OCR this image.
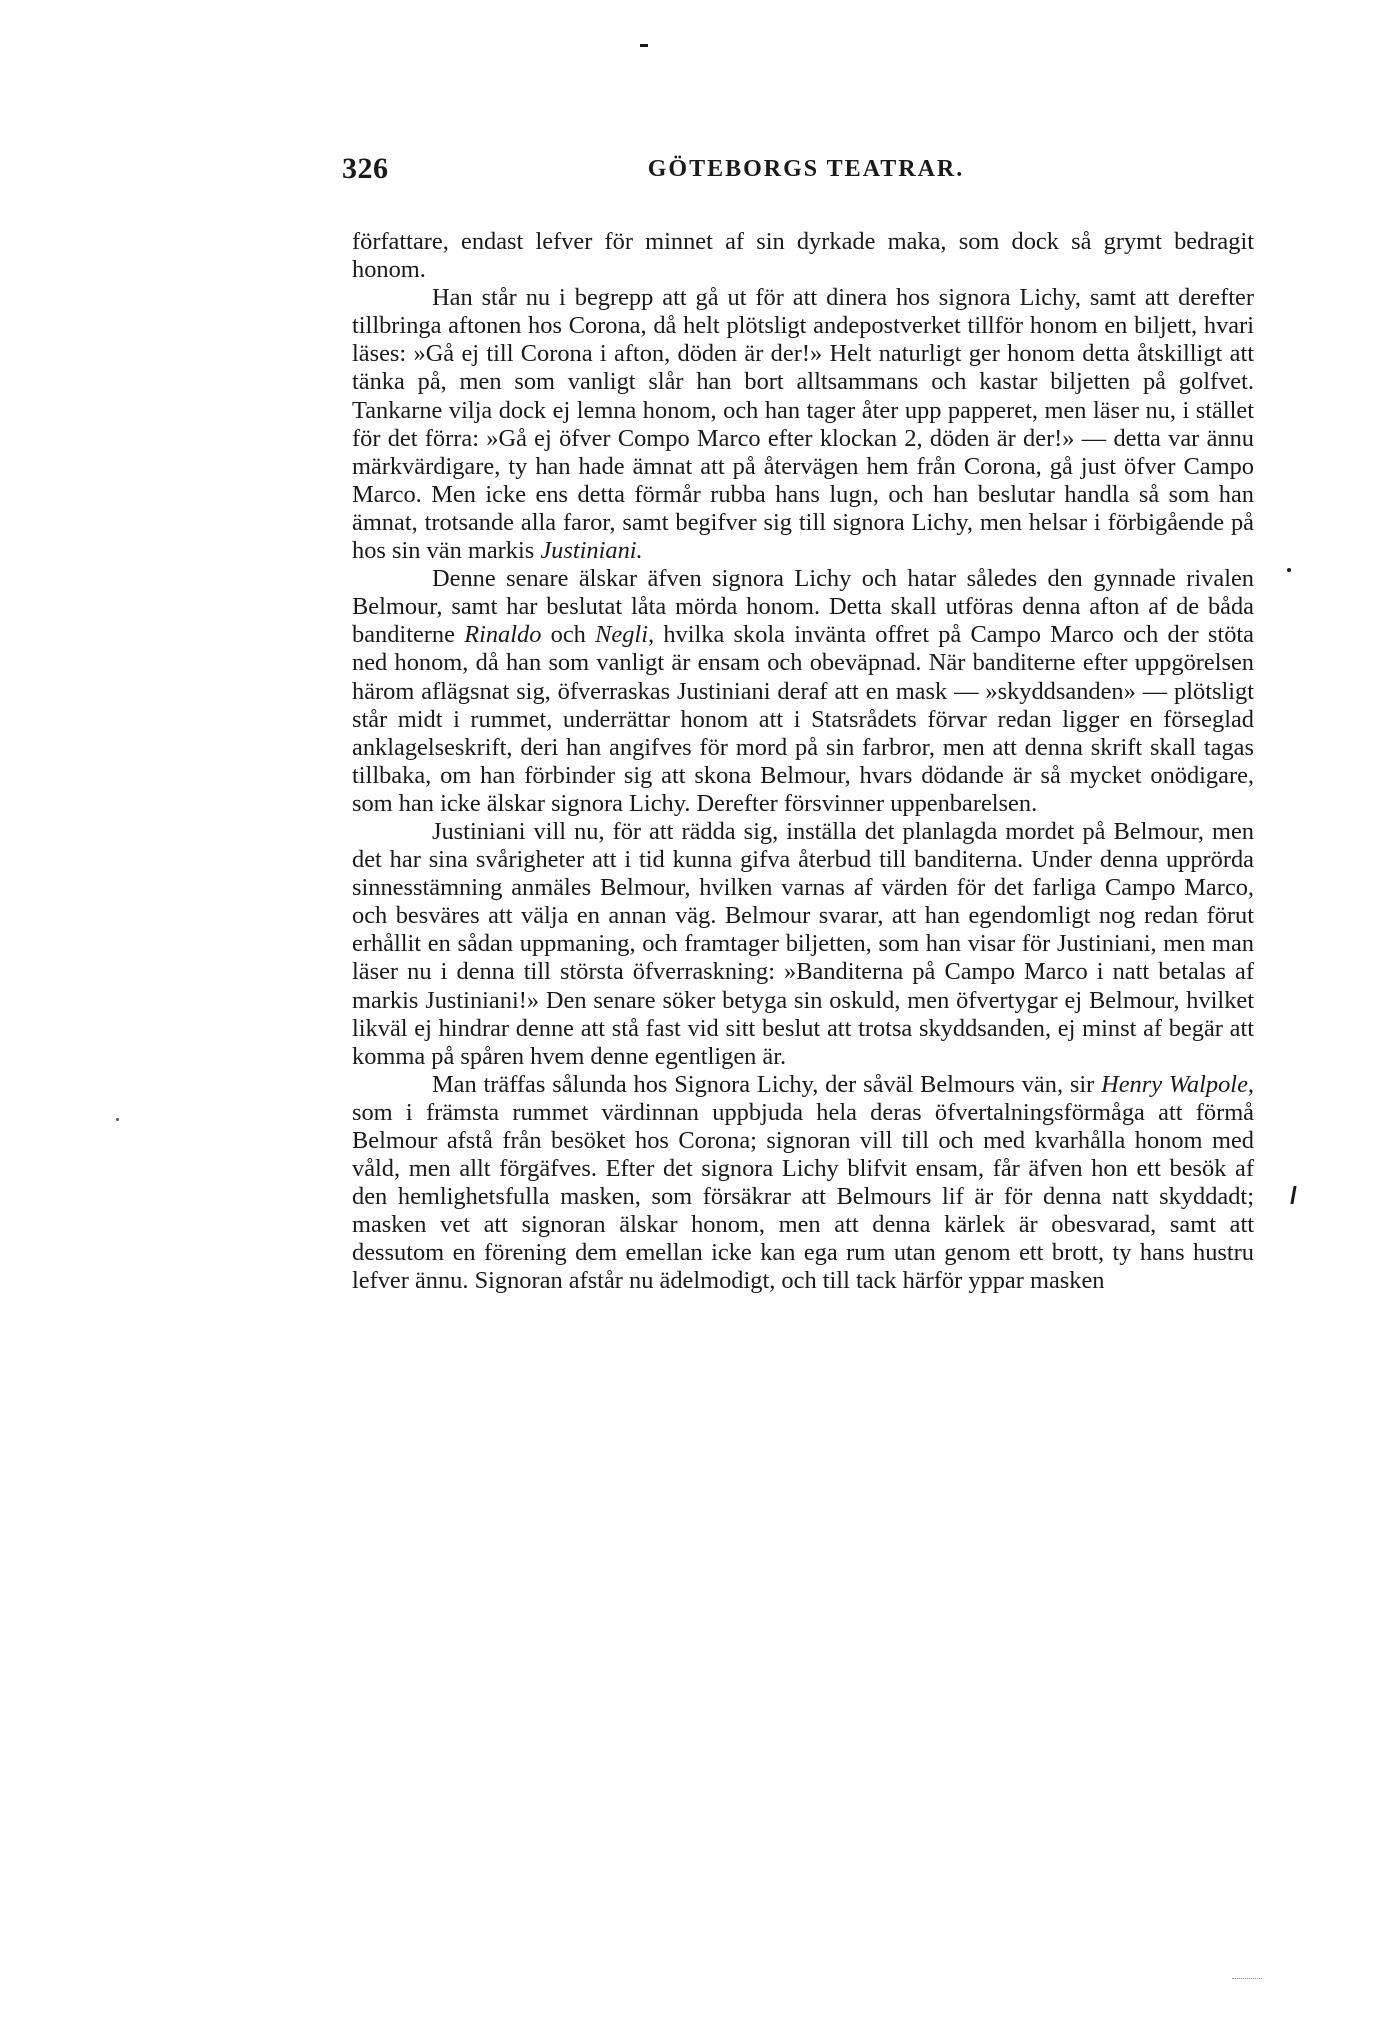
326	GÖTEBORGS TEATRAR.

författare, endast lefver för minnet af sin dyrkade maka, som dock så grymt bedragit honom.

Han står nu i begrepp att gå ut för att dinera hos signora Lichy, samt att derefter tillbringa aftonen hos Corona, då helt plötsligt andepostverket tillför honom en biljett, hvari läses: »Gå ej till Corona i afton, döden är der!» Helt naturligt ger honom detta åtskilligt att tänka på, men som vanligt slår han bort alltsammans och kastar biljetten på golfvet. Tankarne vilja dock ej lemna honom, och han tager åter upp papperet, men läser nu, i stället för det förra: »Gå ej öfver Compo Marco efter klockan 2, döden är der!» — detta var ännu märkvärdigare, ty han hade ämnat att på återvägen hem från Corona, gå just öfver Campo Marco. Men icke ens detta förmår rubba hans lugn, och han beslutar handla så som han ämnat, trotsande alla faror, samt begifver sig till signora Lichy, men helsar i förbigående på hos sin vän markis Justiniani.

Denne senare älskar äfven signora Lichy och hatar således den gynnade rivalen Belmour, samt har beslutat låta mörda honom. Detta skall utföras denna afton af de båda banditerne Rinaldo och Negli, hvilka skola invänta offret på Campo Marco och der stöta ned honom, då han som vanligt är ensam och obeväpnad. När banditerne efter uppgörelsen härom aflägsnat sig, öfverraskas Justiniani deraf att en mask — »skyddsanden» — plötsligt står midt i rummet, underrättar honom att i Statsrådets förvar redan ligger en förseglad anklagelseskrift, deri han angifves för mord på sin farbror, men att denna skrift skall tagas tillbaka, om han förbinder sig att skona Belmour, hvars dödande är så mycket onödigare, som han icke älskar signora Lichy. Derefter försvinner uppenbarelsen.

Justiniani vill nu, för att rädda sig, inställa det planlagda mordet på Belmour, men det har sina svårigheter att i tid kunna gifva återbud till banditerna. Under denna upprörda sinnesstämning anmäles Belmour, hvilken varnas af värden för det farliga Campo Marco, och besväres att välja en annan väg. Belmour svarar, att han egendomligt nog redan förut erhållit en sådan uppmaning, och framtager biljetten, som han visar för Justiniani, men man läser nu i denna till största öfverraskning: »Banditerna på Campo Marco i natt betalas af markis Justiniani!» Den senare söker betyga sin oskuld, men öfvertygar ej Belmour, hvilket likväl ej hindrar denne att stå fast vid sitt beslut att trotsa skyddsanden, ej minst af begär att komma på spåren hvem denne egentligen är.

Man träffas sålunda hos Signora Lichy, der såväl Belmours vän, sir Henry Walpole, som i främsta rummet värdinnan uppbjuda hela deras öfvertalningsförmåga att förmå Belmour afstå från besöket hos Corona; signoran vill till och med kvarhålla honom med våld, men allt förgäfves. Efter det signora Lichy blifvit ensam, får äfven hon ett besök af den hemlighetsfulla masken, som försäkrar att Belmours lif är för denna natt skyddadt; masken vet att signoran älskar honom, men att denna kärlek är obesvarad, samt att dessutom en förening dem emellan icke kan ega rum utan genom ett brott, ty hans hustru lefver ännu. Signoran afstår nu ädelmodigt, och till tack härför yppar masken
